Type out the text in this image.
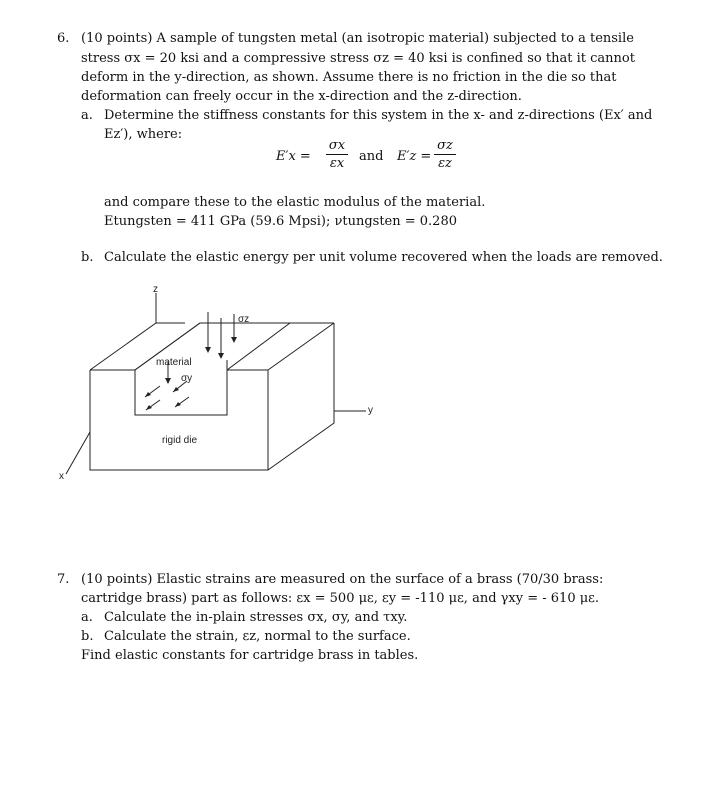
6. (10 points) A sample of tungsten metal (an isotropic material) subjected to a tensile
stress σx = 20 ksi and a compressive stress σz = 40 ksi is confined so that it cannot
deform in the y-direction, as shown. Assume there is no friction in the die so that
deformation can freely occur in the x-direction and the z-direction.
a. Determine the stiffness constants for this system in the x- and z-directions (Ex′ and
Ez′), where:
E′x =
σx
εx and E′z =
σz
εz
and compare these to the elastic modulus of the material.
Etungsten = 411 GPa (59.6 Mpsi); νtungsten = 0.280
b. Calculate the elastic energy per unit volume recovered when the loads are removed.
z
σz
material
σy
y
rigid die
x
7. (10 points) Elastic strains are measured on the surface of a brass (70/30 brass:
cartridge brass) part as follows: εx = 500 με, εy = -110 με, and γxy = - 610 με.
a. Calculate the in-plain stresses σx, σy, and τxy.
b. Calculate the strain, εz, normal to the surface.
Find elastic constants for cartridge brass in tables.
